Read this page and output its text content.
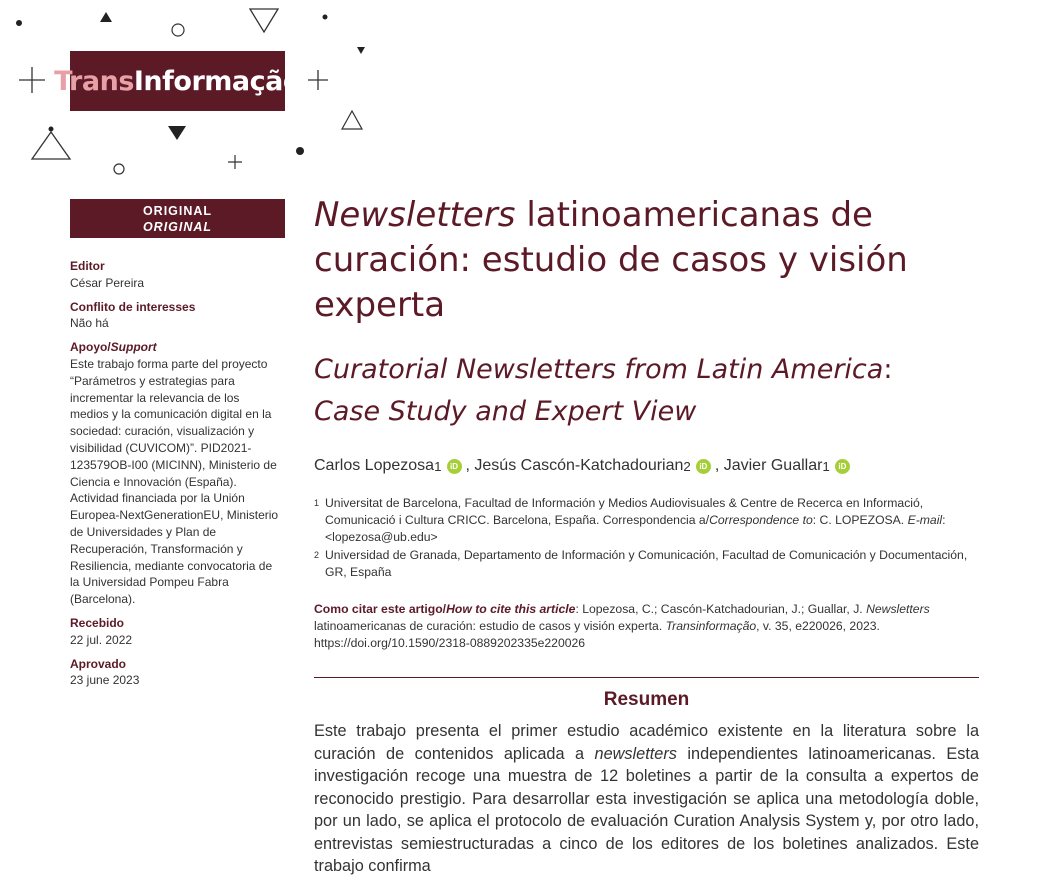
Trans Informação
ORIGINAL
ORIGINAL
Editor
César Pereira
Conflito de interesses
Não há
Apoyo/Support
Este trabajo forma parte del proyecto “Parámetros y estrategias para incrementar la relevancia de los medios y la comunicación digital en la sociedad: curación, visualización y visibilidad (CUVICOM)”. PID2021-123579OB-I00 (MICINN), Ministerio de Ciencia e Innovación (España). Actividad financiada por la Unión Europea-NextGenerationEU, Ministerio de Universidades y Plan de Recuperación, Transformación y Resiliencia, mediante convocatoria de la Universidad Pompeu Fabra (Barcelona).
Recebido
22 jul. 2022
Aprovado
23 june 2023
Newsletters latinoamericanas de curación: estudio de casos y visión experta
Curatorial Newsletters from Latin America:
Case Study and Expert View
Carlos Lopezosa 1	iD , Jesús Cascón-Katchadourian 2	iD , Javier Guallar 1	iD
1 Universitat de Barcelona, Facultad de Información y Medios Audiovisuales & Centre de Recerca en Informació, Comunicació i Cultura CRICC. Barcelona, España. Correspondencia a/Correspondence to: C. LOPEZOSA. E-mail: <lopezosa@ub.edu>
2 Universidad de Granada, Departamento de Información y Comunicación, Facultad de Comunicación y Documentación, GR, España
Como citar este artigo/How to cite this article: Lopezosa, C.; Cascón-Katchadourian, J.; Guallar, J. Newsletters latinoamericanas de curación: estudio de casos y visión experta. Transinformação, v. 35, e220026, 2023. https://doi.org/10.1590/2318-0889202335e220026
Resumen
Este trabajo presenta el primer estudio académico existente en la literatura sobre la curación de contenidos aplicada a newsletters independientes latinoamericanas. Esta investigación recoge una muestra de 12 boletines a partir de la consulta a expertos de reconocido prestigio. Para desarrollar esta investigación se aplica una metodología doble, por un lado, se aplica el protocolo de evaluación Curation Analysis System y, por otro lado, entrevistas semiestructuradas a cinco de los editores de los boletines analizados. Este trabajo confirma
